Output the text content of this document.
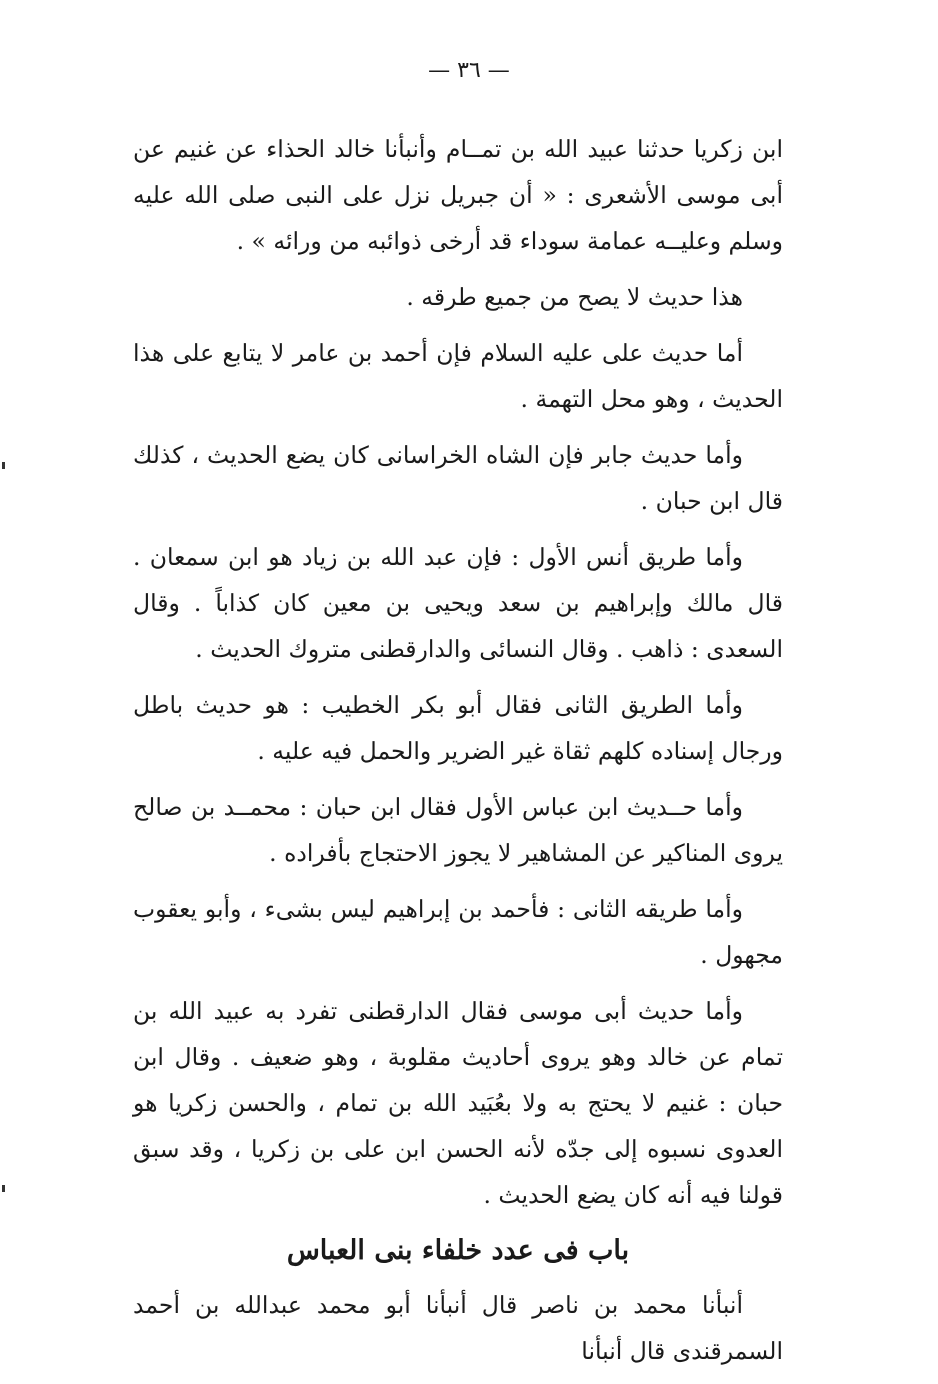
— ٣٦ —

ابن زكريا حدثنا عبيد الله بن تمــام وأنبأنا خالد الحذاء عن غنيم عن أبى موسى الأشعرى : « أن جبريل نزل على النبى صلى الله عليه وسلم وعليــه عمامة سوداء قد أرخى ذوائبه من ورائه » .

هذا حديث لا يصح من جميع طرقه .

أما حديث على عليه السلام فإن أحمد بن عامر لا يتابع على هذا الحديث ، وهو محل التهمة .

وأما حديث جابر فإن الشاه الخراسانى كان يضع الحديث ، كذلك قال ابن حبان .

وأما طريق أنس الأول : فإن عبد الله بن زياد هو ابن سمعان . قال مالك وإبراهيم بن سعد ويحيى بن معين كان كذاباً . وقال السعدى : ذاهب . وقال النسائى والدارقطنى متروك الحديث .

وأما الطريق الثانى فقال أبو بكر الخطيب : هو حديث باطل ورجال إسناده كلهم ثقاة غير الضرير والحمل فيه عليه .

وأما حــديث ابن عباس الأول فقال ابن حبان : محمــد بن صالح يروى المناكير عن المشاهير لا يجوز الاحتجاج بأفراده .

وأما طريقه الثانى : فأحمد بن إبراهيم ليس بشىء ، وأبو يعقوب مجهول .

وأما حديث أبى موسى فقال الدارقطنى تفرد به عبيد الله بن تمام عن خالد وهو يروى أحاديث مقلوبة ، وهو ضعيف . وقال ابن حبان : غنيم لا يحتج به ولا بعُبَيد الله بن تمام ، والحسن زكريا هو العدوى نسبوه إلى جدّه لأنه الحسن ابن على بن زكريا ، وقد سبق قولنا فيه أنه كان يضع الحديث .

باب فى عدد خلفاء بنى العباس

أنبأنا محمد بن ناصر قال أنبأنا أبو محمد عبدالله بن أحمد السمرقندى قال أنبأنا
